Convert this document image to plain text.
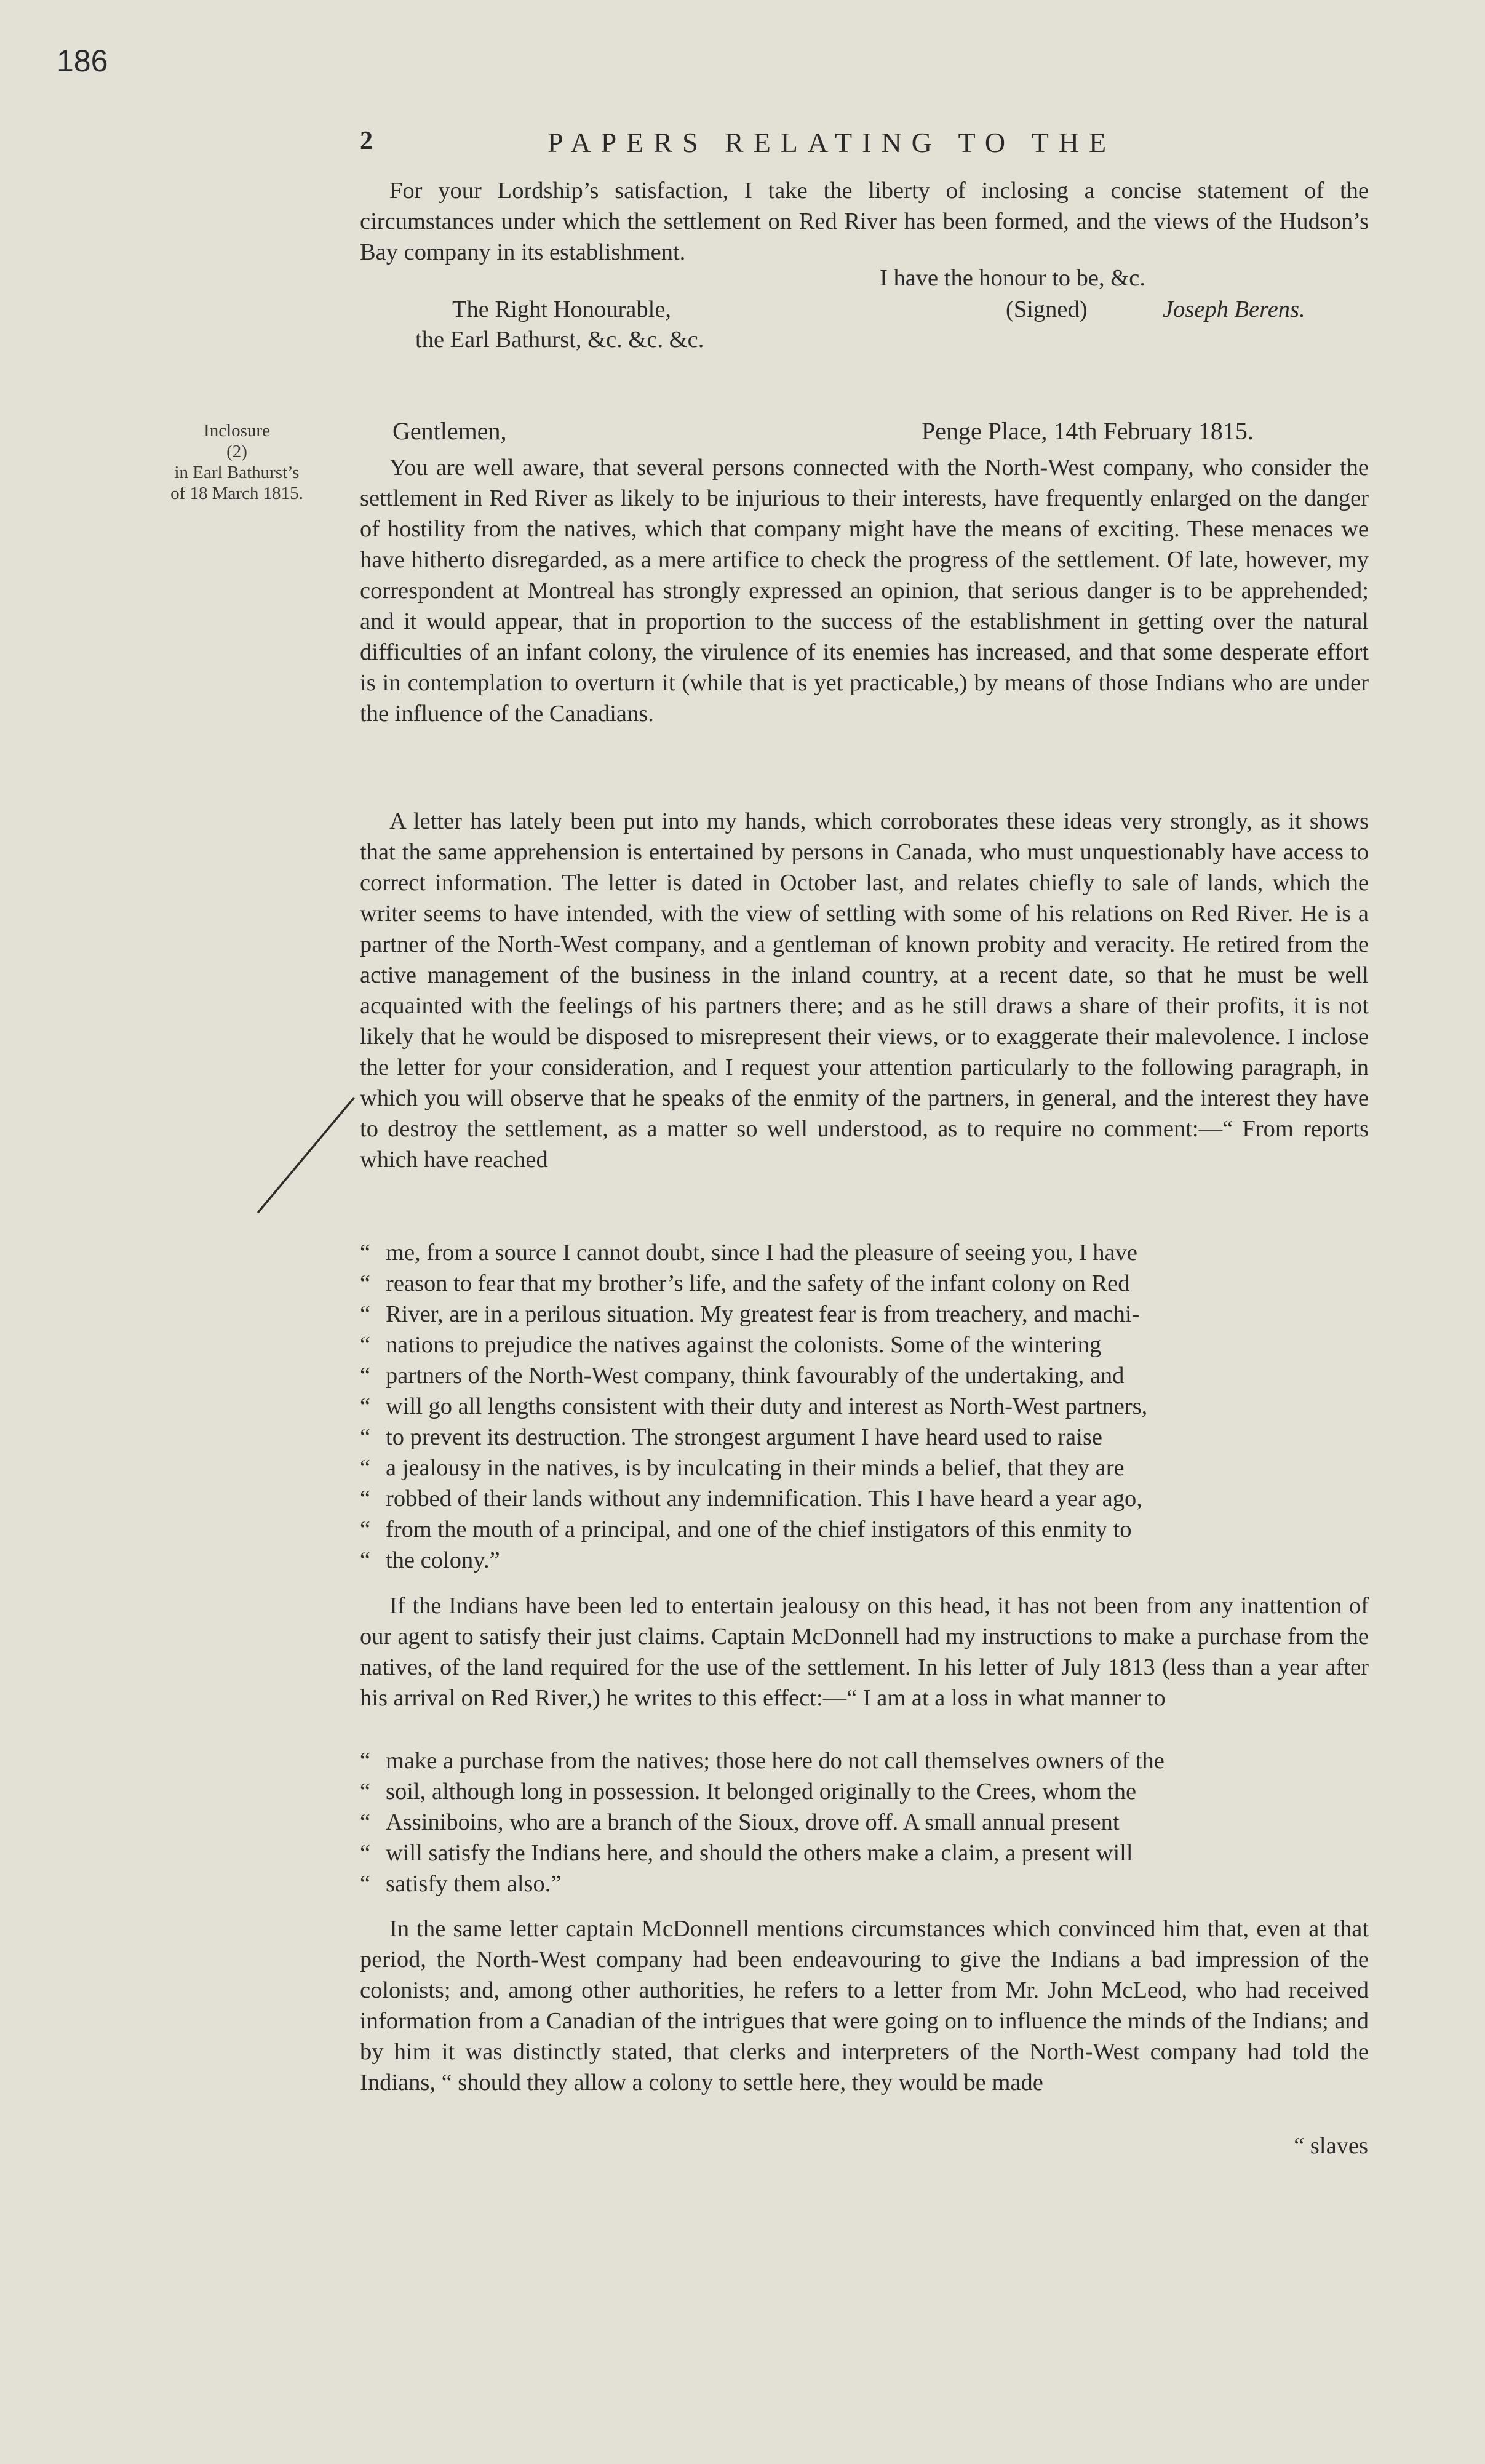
186
2	PAPERS RELATING TO THE
For your Lordship’s satisfaction, I take the liberty of inclosing a concise statement of the circumstances under which the settlement on Red River has been formed, and the views of the Hudson’s Bay company in its establishment.
I have the honour to be, &c.
The Right Honourable,	(Signed)	Joseph Berens.
the Earl Bathurst, &c. &c. &c.
Inclosure
(2)
in Earl Bathurst’s
of 18 March 1815.
Gentlemen,	Penge Place, 14th February 1815.
You are well aware, that several persons connected with the North-West company, who consider the settlement in Red River as likely to be injurious to their interests, have frequently enlarged on the danger of hostility from the natives, which that company might have the means of exciting. These menaces we have hitherto disregarded, as a mere artifice to check the progress of the settlement. Of late, however, my correspondent at Montreal has strongly expressed an opinion, that serious danger is to be apprehended; and it would appear, that in proportion to the success of the establishment in getting over the natural difficulties of an infant colony, the virulence of its enemies has increased, and that some desperate effort is in contemplation to overturn it (while that is yet practicable,) by means of those Indians who are under the influence of the Canadians.
A letter has lately been put into my hands, which corroborates these ideas very strongly, as it shows that the same apprehension is entertained by persons in Canada, who must unquestionably have access to correct information. The letter is dated in October last, and relates chiefly to sale of lands, which the writer seems to have intended, with the view of settling with some of his relations on Red River. He is a partner of the North-West company, and a gentleman of known probity and veracity. He retired from the active management of the business in the inland country, at a recent date, so that he must be well acquainted with the feelings of his partners there; and as he still draws a share of their profits, it is not likely that he would be disposed to misrepresent their views, or to exaggerate their malevolence. I inclose the letter for your consideration, and I request your attention particularly to the following paragraph, in which you will observe that he speaks of the enmity of the partners, in general, and the interest they have to destroy the settlement, as a matter so well understood, as to require no comment:—“ From reports which have reached
“ me, from a source I cannot doubt, since I had the pleasure of seeing you, I have
“ reason to fear that my brother’s life, and the safety of the infant colony on Red
“ River, are in a perilous situation. My greatest fear is from treachery, and machi-
“ nations to prejudice the natives against the colonists. Some of the wintering
“ partners of the North-West company, think favourably of the undertaking, and
“ will go all lengths consistent with their duty and interest as North-West partners,
“ to prevent its destruction. The strongest argument I have heard used to raise
“ a jealousy in the natives, is by inculcating in their minds a belief, that they are
“ robbed of their lands without any indemnification. This I have heard a year ago,
“ from the mouth of a principal, and one of the chief instigators of this enmity to
“ the colony.”
If the Indians have been led to entertain jealousy on this head, it has not been from any inattention of our agent to satisfy their just claims. Captain McDonnell had my instructions to make a purchase from the natives, of the land required for the use of the settlement. In his letter of July 1813 (less than a year after his arrival on Red River,) he writes to this effect:—“ I am at a loss in what manner to
“ make a purchase from the natives; those here do not call themselves owners of the
“ soil, although long in possession. It belonged originally to the Crees, whom the
“ Assiniboins, who are a branch of the Sioux, drove off. A small annual present
“ will satisfy the Indians here, and should the others make a claim, a present will
“ satisfy them also.”
In the same letter captain McDonnell mentions circumstances which convinced him that, even at that period, the North-West company had been endeavouring to give the Indians a bad impression of the colonists; and, among other authorities, he refers to a letter from Mr. John McLeod, who had received information from a Canadian of the intrigues that were going on to influence the minds of the Indians; and by him it was distinctly stated, that clerks and interpreters of the North-West company had told the Indians, “ should they allow a colony to settle here, they would be made
“ slaves
